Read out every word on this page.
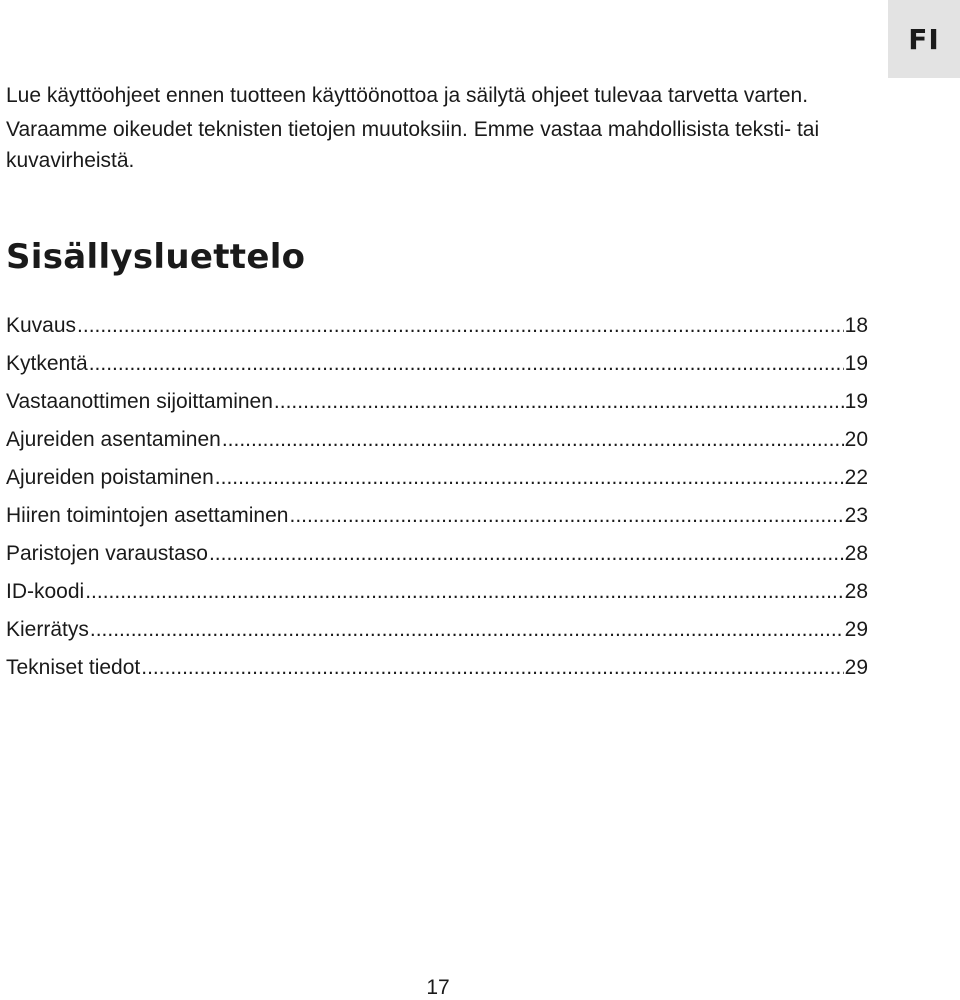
FI

Lue käyttöohjeet ennen tuotteen käyttöönottoa ja säilytä ohjeet tulevaa tarvetta varten.

Varaamme oikeudet teknisten tietojen muutoksiin. Emme vastaa mahdollisista teksti- tai kuvavirheistä.

Sisällysluettelo
Kuvaus .....	18
Kytkentä .....	19
Vastaanottimen sijoittaminen .....	19
Ajureiden asentaminen .....	20
Ajureiden poistaminen .....	22
Hiiren toimintojen asettaminen .....	23
Paristojen varaustaso .....	28
ID-koodi .....	28
Kierrätys .....	29
Tekniset tiedot .....	29
17
